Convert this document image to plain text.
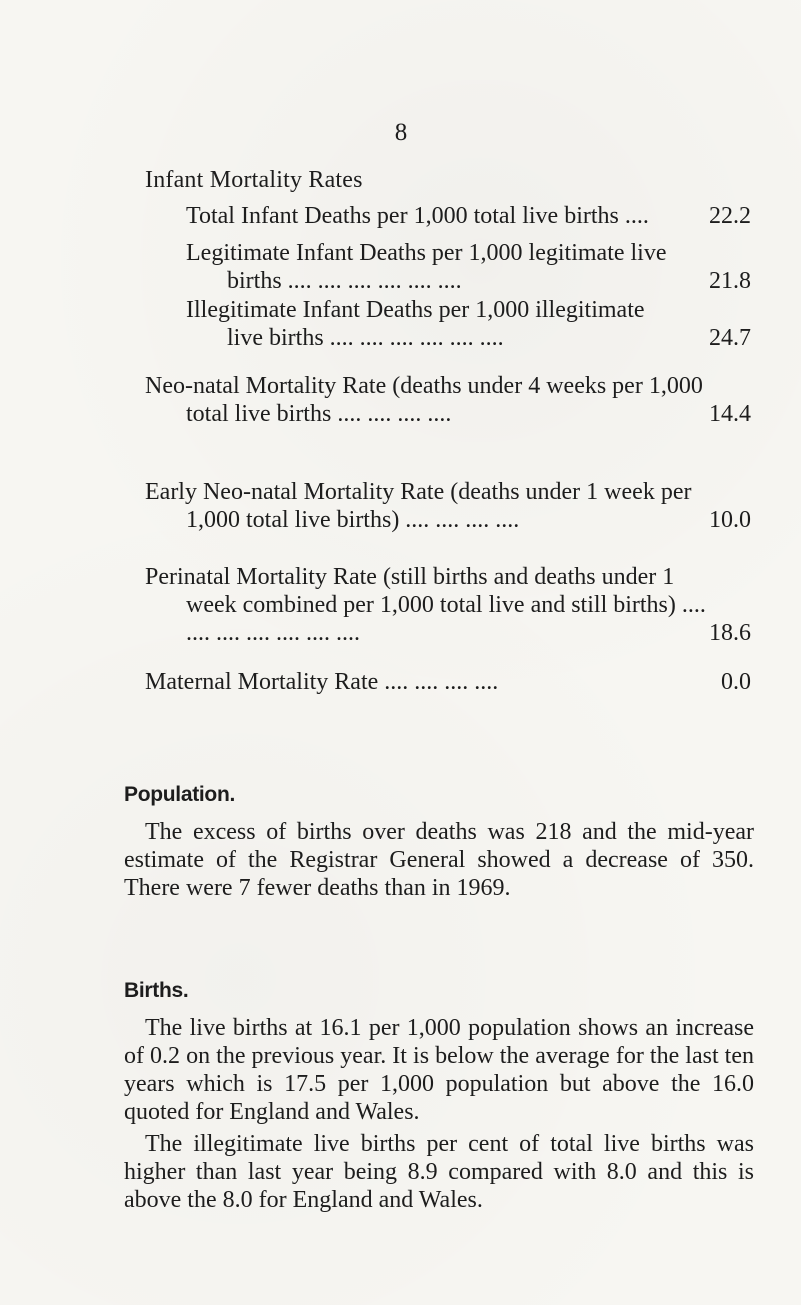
8
Infant Mortality Rates
Total Infant Deaths per 1,000 total live births ....	22.2
Legitimate Infant Deaths per 1,000 legitimate live births .... .... .... .... .... ....	21.8
Illegitimate Infant Deaths per 1,000 illegitimate live births .... .... .... .... .... ....	24.7
Neo-natal Mortality Rate (deaths under 4 weeks per 1,000 total live births .... .... .... ....	14.4
Early Neo-natal Mortality Rate (deaths under 1 week per 1,000 total live births) .... .... .... ....	10.0
Perinatal Mortality Rate (still births and deaths under 1 week combined per 1,000 total live and still births) .... .... .... .... .... .... ....	18.6
Maternal Mortality Rate .... .... .... ....	0.0
Population.
The excess of births over deaths was 218 and the mid-year estimate of the Registrar General showed a decrease of 350. There were 7 fewer deaths than in 1969.
Births.
The live births at 16.1 per 1,000 population shows an increase of 0.2 on the previous year. It is below the average for the last ten years which is 17.5 per 1,000 population but above the 16.0 quoted for England and Wales.
The illegitimate live births per cent of total live births was higher than last year being 8.9 compared with 8.0 and this is above the 8.0 for England and Wales.
